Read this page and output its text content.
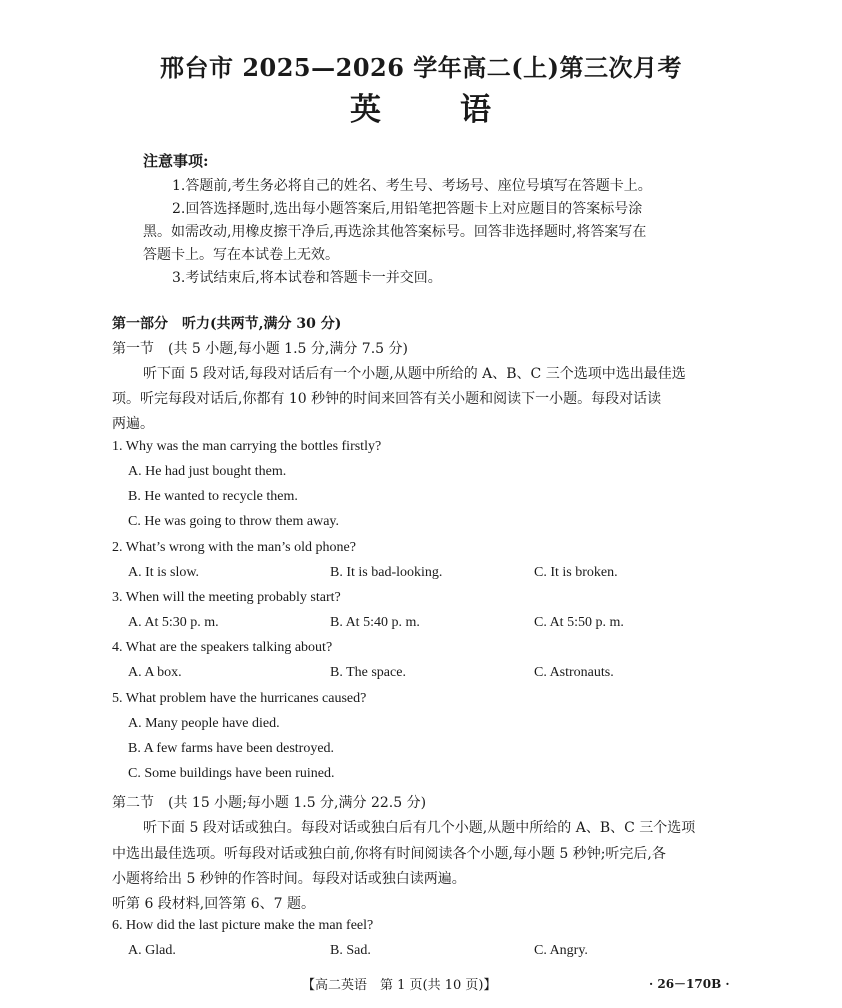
邢台市 2025—2026 学年高二(上)第三次月考
英	语
注意事项:
1.答题前,考生务必将自己的姓名、考生号、考场号、座位号填写在答题卡上。
2.回答选择题时,选出每小题答案后,用铅笔把答题卡上对应题目的答案标号涂
黑。如需改动,用橡皮擦干净后,再选涂其他答案标号。回答非选择题时,将答案写在
答题卡上。写在本试卷上无效。
3.考试结束后,将本试卷和答题卡一并交回。
第一部分　听力(共两节,满分 30 分)
第一节　(共 5 小题,每小题 1.5 分,满分 7.5 分)
听下面 5 段对话,每段对话后有一个小题,从题中所给的 A、B、C 三个选项中选出最佳选
项。听完每段对话后,你都有 10 秒钟的时间来回答有关小题和阅读下一小题。每段对话读
两遍。
1. Why was the man carrying the bottles firstly?
A. He had just bought them.
B. He wanted to recycle them.
C. He was going to throw them away.
2. What’s wrong with the man’s old phone?
A. It is slow.	B. It is bad-looking.	C. It is broken.
3. When will the meeting probably start?
A. At 5:30 p. m.	B. At 5:40 p. m.	C. At 5:50 p. m.
4. What are the speakers talking about?
A. A box.	B. The space.	C. Astronauts.
5. What problem have the hurricanes caused?
A. Many people have died.
B. A few farms have been destroyed.
C. Some buildings have been ruined.
第二节　(共 15 小题;每小题 1.5 分,满分 22.5 分)
听下面 5 段对话或独白。每段对话或独白后有几个小题,从题中所给的 A、B、C 三个选项
中选出最佳选项。听每段对话或独白前,你将有时间阅读各个小题,每小题 5 秒钟;听完后,各
小题将给出 5 秒钟的作答时间。每段对话或独白读两遍。
听第 6 段材料,回答第 6、7 题。
6. How did the last picture make the man feel?
A. Glad.	B. Sad.	C. Angry.
【高二英语　第 1 页(共 10 页)】	· 26－170B ·
